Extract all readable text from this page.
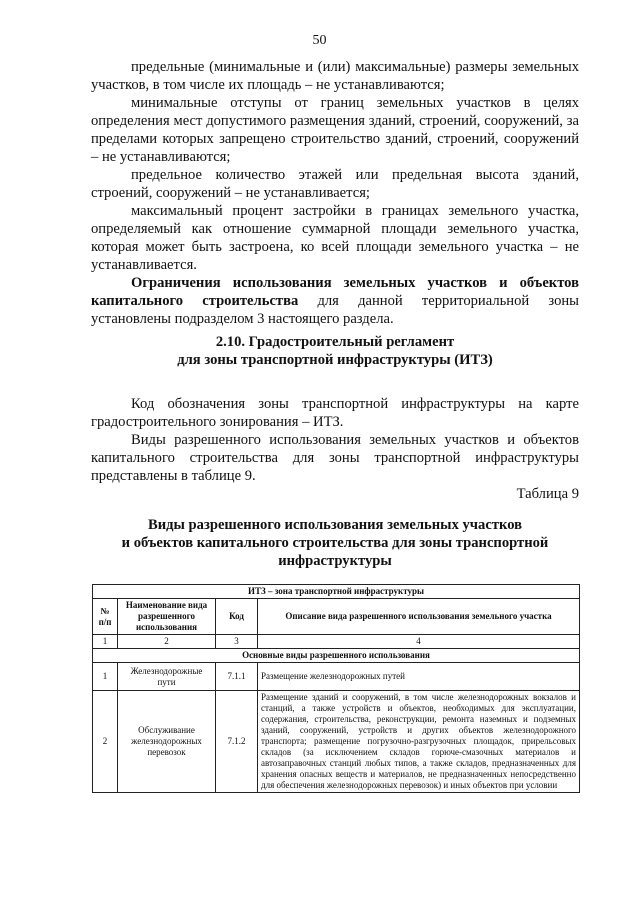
50

предельные (минимальные и (или) максимальные) размеры земельных участков, в том числе их площадь – не устанавливаются;

минимальные отступы от границ земельных участков в целях определения мест допустимого размещения зданий, строений, сооружений, за пределами которых запрещено строительство зданий, строений, сооружений – не устанавливаются;

предельное количество этажей или предельная высота зданий, строений, сооружений – не устанавливается;

максимальный процент застройки в границах земельного участка, определяемый как отношение суммарной площади земельного участка, которая может быть застроена, ко всей площади земельного участка – не устанавливается.

Ограничения использования земельных участков и объектов капитального строительства для данной территориальной зоны установлены подразделом 3 настоящего раздела.

2.10. Градостроительный регламент
для зоны транспортной инфраструктуры (ИТЗ)

Код обозначения зоны транспортной инфраструктуры на карте градостроительного зонирования – ИТЗ.

Виды разрешенного использования земельных участков и объектов капитального строительства для зоны транспортной инфраструктуры представлены в таблице 9.

Таблица 9
Виды разрешенного использования земельных участков
и объектов капитального строительства для зоны транспортной
инфраструктуры
ИТЗ – зона транспортной инфраструктуры			
№ п/п	Наименование вида разрешенного использования	Код	Описание вида разрешенного использования земельного участка
1	2	3	4
Основные виды разрешенного использования			
1	Железнодорожные пути	7.1.1	Размещение железнодорожных путей
2	Обслуживание железнодорожных перевозок	7.1.2	Размещение зданий и сооружений, в том числе железнодорожных вокзалов и станций, а также устройств и объектов, необходимых для эксплуатации, содержания, строительства, реконструкции, ремонта наземных и подземных зданий, сооружений, устройств и других объектов железнодорожного транспорта; размещение погрузочно-разгрузочных площадок, прирельсовых складов (за исключением складов горюче-смазочных материалов и автозаправочных станций любых типов, а также складов, предназначенных для хранения опасных веществ и материалов, не предназначенных непосредственно для обеспечения железнодорожных перевозок) и иных объектов при условии
